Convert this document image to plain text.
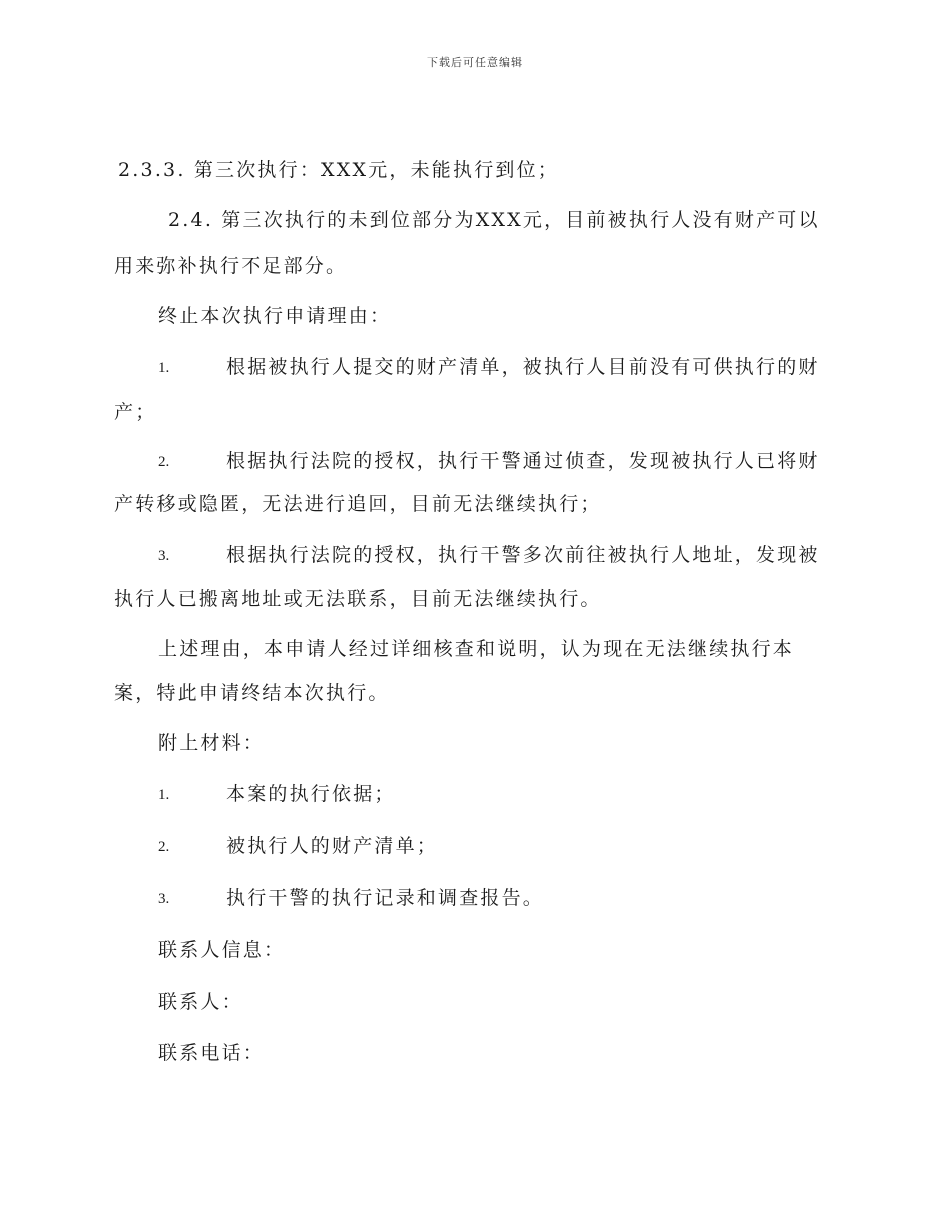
下载后可任意编辑
2.3.3. 第三次执行：XXX元，未能执行到位；
2.4. 第三次执行的未到位部分为XXX元，目前被执行人没有财产可以
用来弥补执行不足部分。
终止本次执行申请理由：
1.	根据被执行人提交的财产清单，被执行人目前没有可供执行的财
产；
2.	根据执行法院的授权，执行干警通过侦查，发现被执行人已将财
产转移或隐匿，无法进行追回，目前无法继续执行；
3.	根据执行法院的授权，执行干警多次前往被执行人地址，发现被
执行人已搬离地址或无法联系，目前无法继续执行。
上述理由，本申请人经过详细核查和说明，认为现在无法继续执行本
案，特此申请终结本次执行。
附上材料：
1.	本案的执行依据；
2.	被执行人的财产清单；
3.	执行干警的执行记录和调查报告。
联系人信息：
联系人：
联系电话：
